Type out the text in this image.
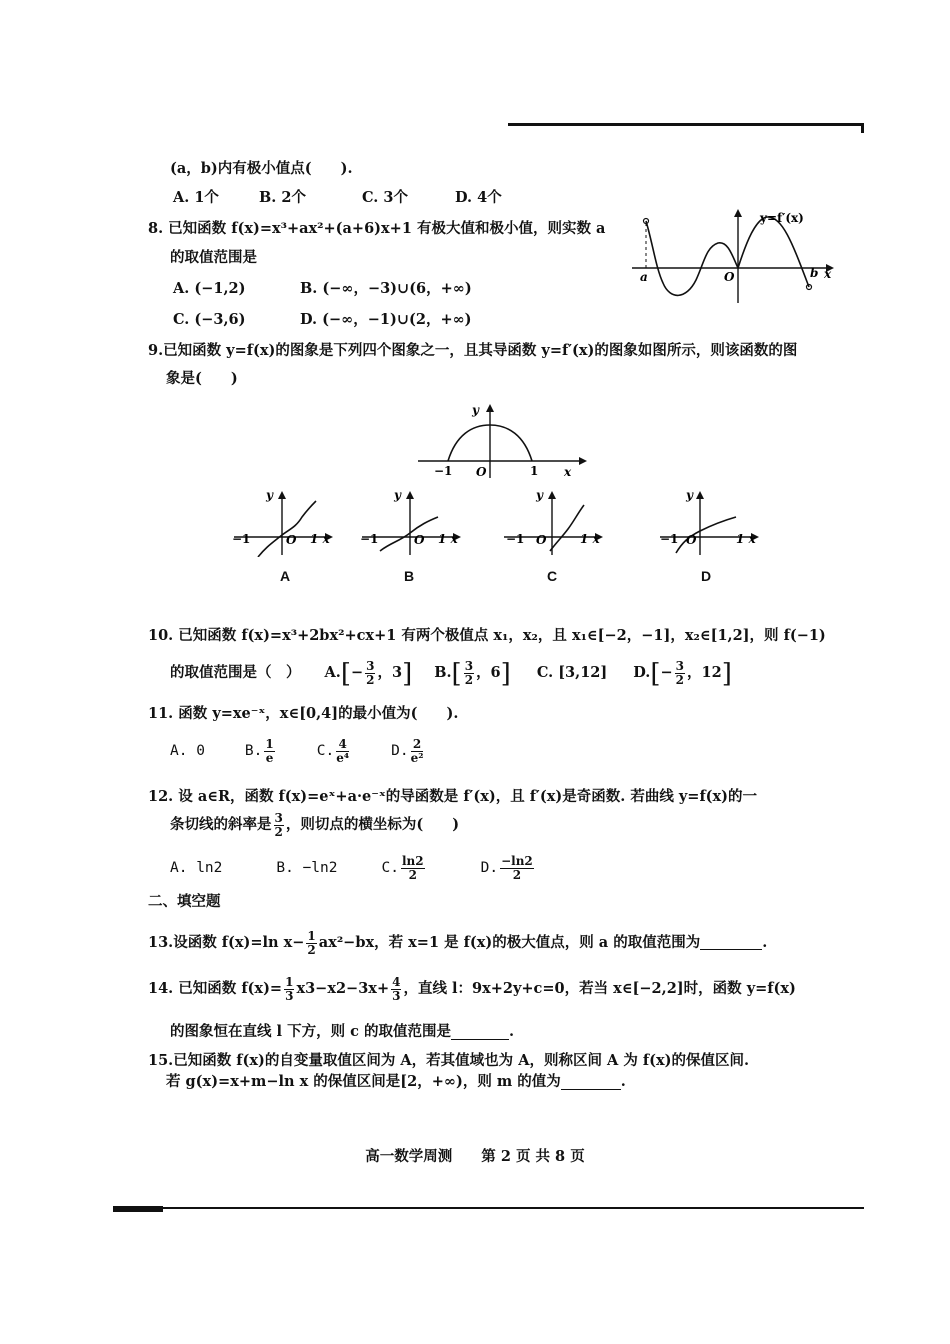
(a，b)内有极小值点(　　).
A. 1个	B. 2个	C. 3个	D. 4个
8. 已知函数 f(x)=x³+ax²+(a+6)x+1 有极大值和极小值，则实数 a
的取值范围是
A. (−1,2)	B. (−∞，−3)∪(6，+∞)
C. (−3,6)	D. (−∞，−1)∪(2，+∞)
y=f′(x)
a	O	b x
9.已知函数 y=f(x)的图象是下列四个图象之一，且其导函数 y=f′(x)的图象如图所示，则该函数的图
象是(　　)
y
−1 O	1 x
y
−1	O 1 x
A
y
−1	O 1 x
B
y
−1 O	1 x
C
y
−1 O	1 x
D
10. 已知函数 f(x)=x³+2bx²+cx+1 有两个极值点 x₁，x₂，且 x₁∈[−2，−1]，x₂∈[1,2]，则 f(−1)
的取值范围是（　） A. [ − $\frac{3}{2}$ ，3 ] B. [ $\frac{3}{2}$ ，6 ] C. [3,12] D. [ − $\frac{3}{2}$ ，12 ]
11. 函数 y=xe⁻ˣ，x∈[0,4]的最小值为(　　).
A. 0	B. $\frac{1}{e}$	C. $\frac{4}{\text{e⁴}}$	D. $\frac{2}{\text{e²}}$
12. 设 a∈R，函数 f(x)=eˣ+a·e⁻ˣ的导函数是 f′(x)，且 f′(x)是奇函数. 若曲线 y=f(x)的一
条切线的斜率是 $\frac{3}{2}$ ，则切点的横坐标为(　　)
A. ln2	B. −ln2	C. $\frac{\ln 2}{2}$	D. $\frac{-\ln 2}{2}$
二、填空题
13.设函数 f(x)=ln $x- \frac{1}{2} ax^2-bx$，若 x=1 是 f(x)的极大值点，则 a 的取值范围为	.
14. 已知函数 $f(x)= \frac{1}{3} x3-x2-3x+ \frac{4}{3}$ ，直线 l：9x+2y+c=0，若当 x∈[−2,2]时，函数 y=f(x)
的图象恒在直线 l 下方，则 c 的取值范围是	.
15.已知函数 f(x)的自变量取值区间为 A，若其值域也为 A，则称区间 A 为 f(x)的保值区间.
若 g(x)=x+m−ln x 的保值区间是[2，+∞)，则 m 的值为	.
高一数学周测　　第 2 页 共 8 页
